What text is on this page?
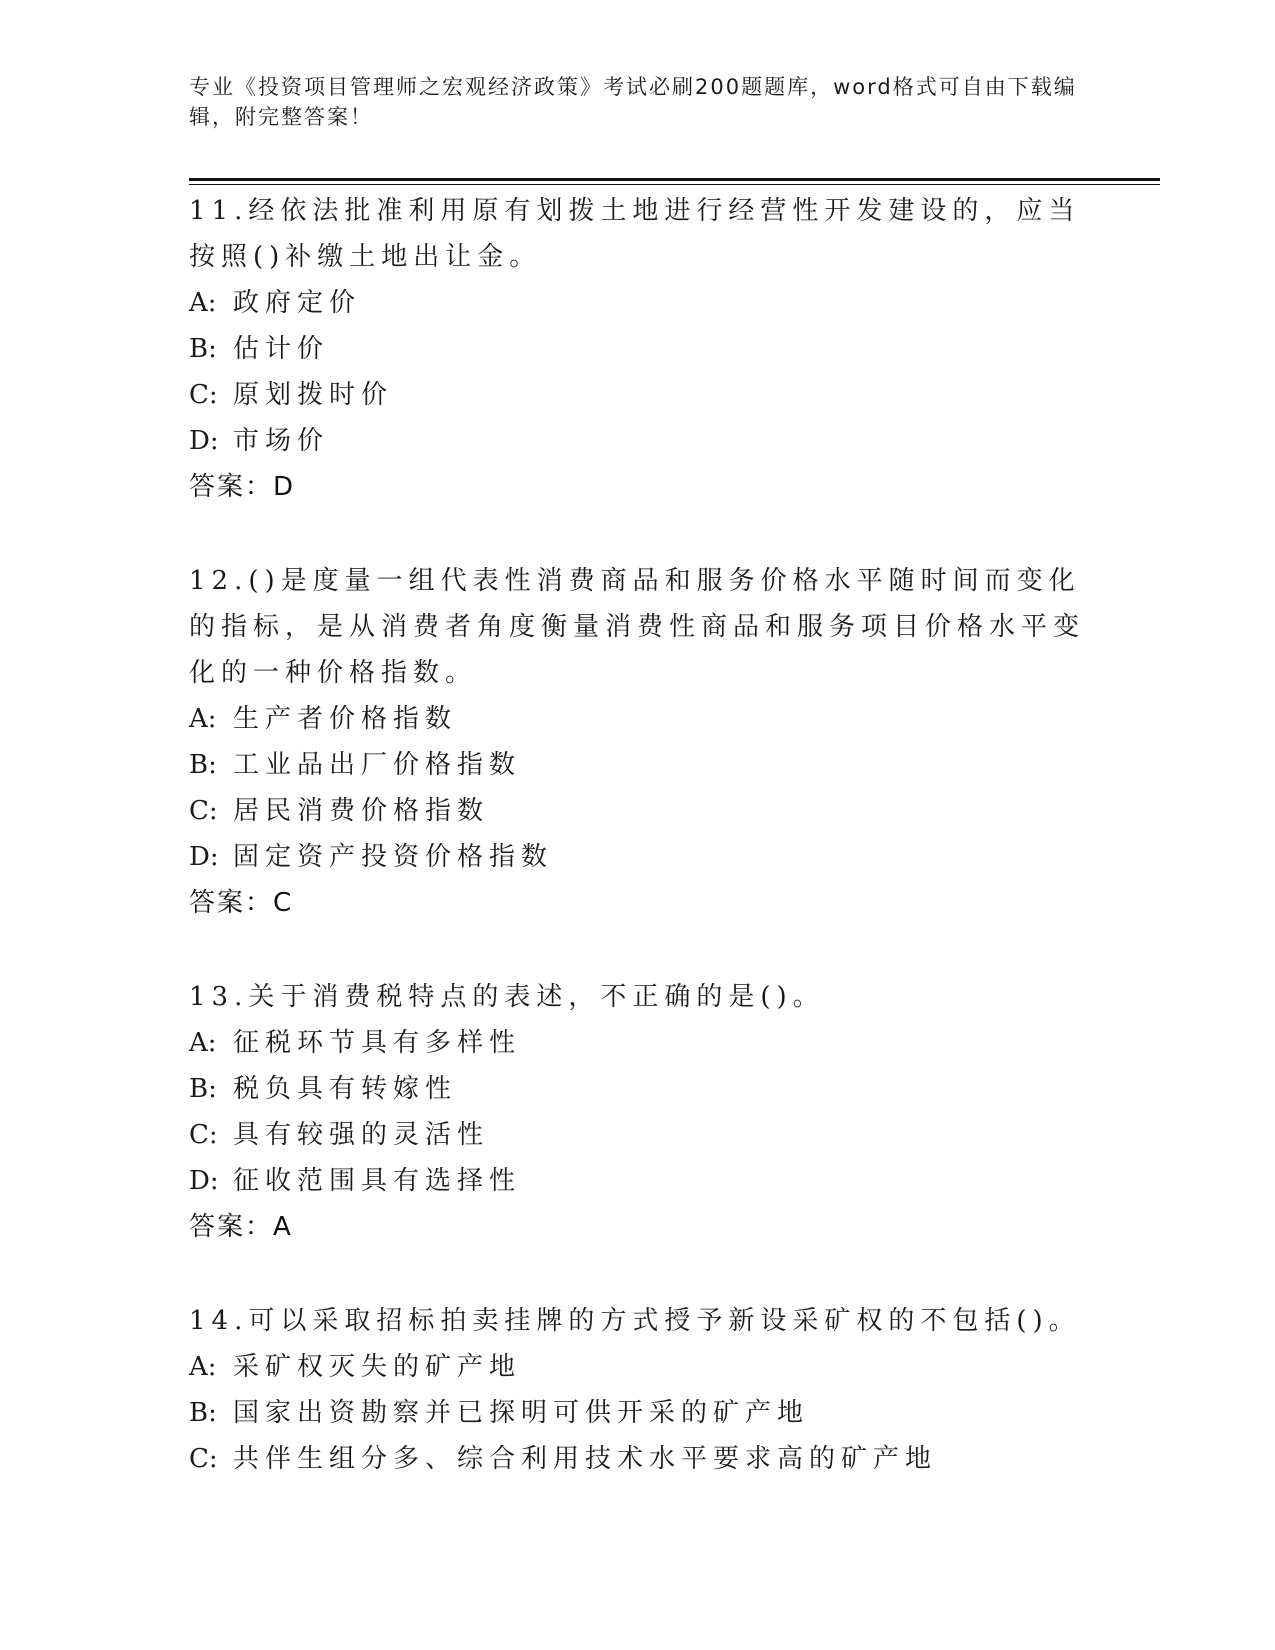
专业《投资项目管理师之宏观经济政策》考试必刷200题题库，word格式可自由下载编辑，附完整答案！
11.经依法批准利用原有划拨土地进行经营性开发建设的，应当按照()补缴土地出让金。
A: 政府定价
B: 估计价
C: 原划拨时价
D: 市场价
答案：D
12.()是度量一组代表性消费商品和服务价格水平随时间而变化的指标，是从消费者角度衡量消费性商品和服务项目价格水平变化的一种价格指数。
A: 生产者价格指数
B: 工业品出厂价格指数
C: 居民消费价格指数
D: 固定资产投资价格指数
答案：C
13.关于消费税特点的表述，不正确的是()。
A: 征税环节具有多样性
B: 税负具有转嫁性
C: 具有较强的灵活性
D: 征收范围具有选择性
答案：A
14.可以采取招标拍卖挂牌的方式授予新设采矿权的不包括()。
A: 采矿权灭失的矿产地
B: 国家出资勘察并已探明可供开采的矿产地
C: 共伴生组分多、综合利用技术水平要求高的矿产地
